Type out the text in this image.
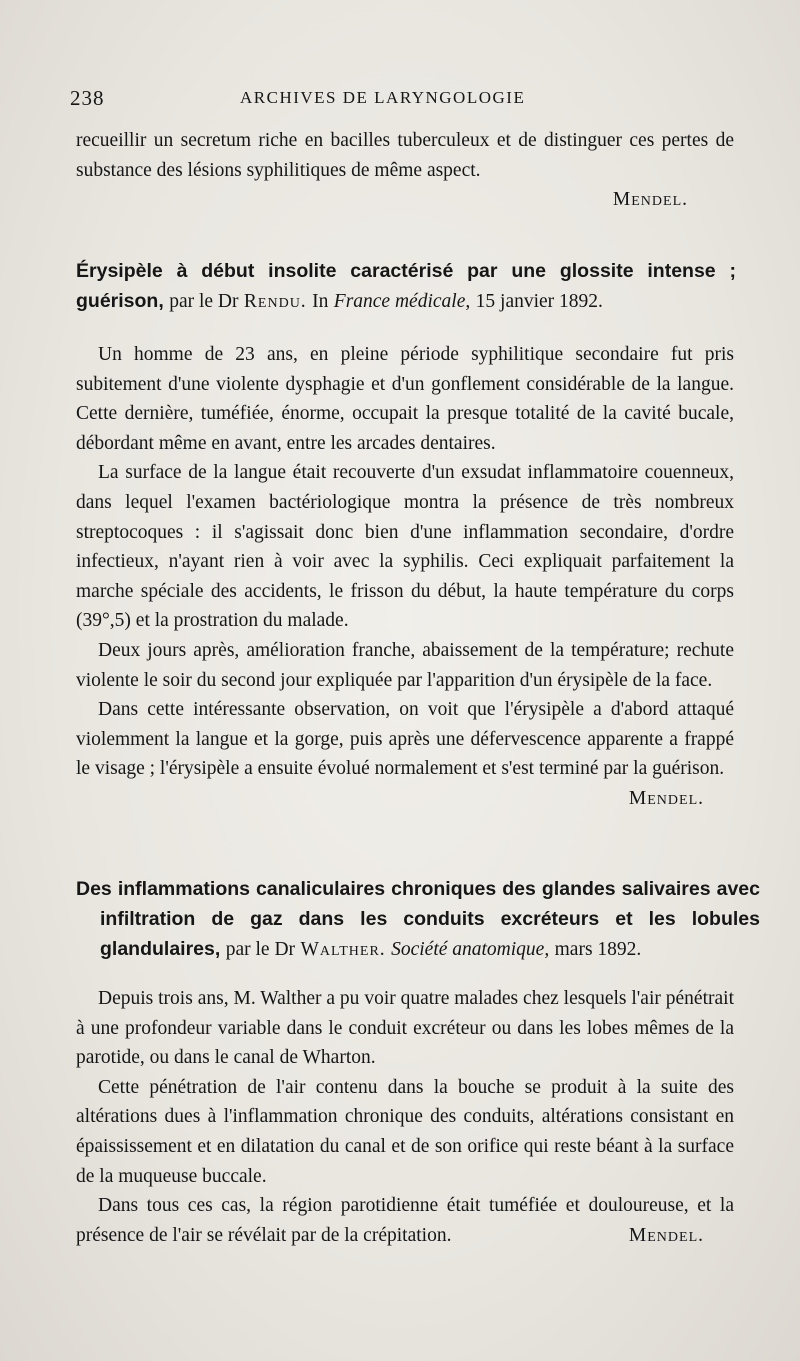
238	ARCHIVES DE LARYNGOLOGIE

recueillir un secretum riche en bacilles tuberculeux et de distinguer ces pertes de substance des lésions syphilitiques de même aspect.

Mendel.
Érysipèle à début insolite caractérisé par une glossite intense ; guérison, par le Dr Rendu. In France médicale, 15 janvier 1892.

Un homme de 23 ans, en pleine période syphilitique secondaire fut pris subitement d'une violente dysphagie et d'un gonflement considérable de la langue. Cette dernière, tuméfiée, énorme, occupait la presque totalité de la cavité bucale, débordant même en avant, entre les arcades dentaires.

La surface de la langue était recouverte d'un exsudat inflammatoire couenneux, dans lequel l'examen bactériologique montra la présence de très nombreux streptocoques : il s'agissait donc bien d'une inflammation secondaire, d'ordre infectieux, n'ayant rien à voir avec la syphilis. Ceci expliquait parfaitement la marche spéciale des accidents, le frisson du début, la haute température du corps (39°,5) et la prostration du malade.

Deux jours après, amélioration franche, abaissement de la température; rechute violente le soir du second jour expliquée par l'apparition d'un érysipèle de la face.

Dans cette intéressante observation, on voit que l'érysipèle a d'abord attaqué violemment la langue et la gorge, puis après une défervescence apparente a frappé le visage ; l'érysipèle a ensuite évolué normalement et s'est terminé par la guérison.
Mendel.

Des inflammations canaliculaires chroniques des glandes salivaires avec infiltration de gaz dans les conduits excréteurs et les lobules glandulaires, par le Dr Walther. Société anatomique, mars 1892.

Depuis trois ans, M. Walther a pu voir quatre malades chez lesquels l'air pénétrait à une profondeur variable dans le conduit excréteur ou dans les lobes mêmes de la parotide, ou dans le canal de Wharton.

Cette pénétration de l'air contenu dans la bouche se produit à la suite des altérations dues à l'inflammation chronique des conduits, altérations consistant en épaississement et en dilatation du canal et de son orifice qui reste béant à la surface de la muqueuse buccale.

Dans tous ces cas, la région parotidienne était tuméfiée et douloureuse, et la présence de l'air se révélait par de la crépitation.	Mendel.
